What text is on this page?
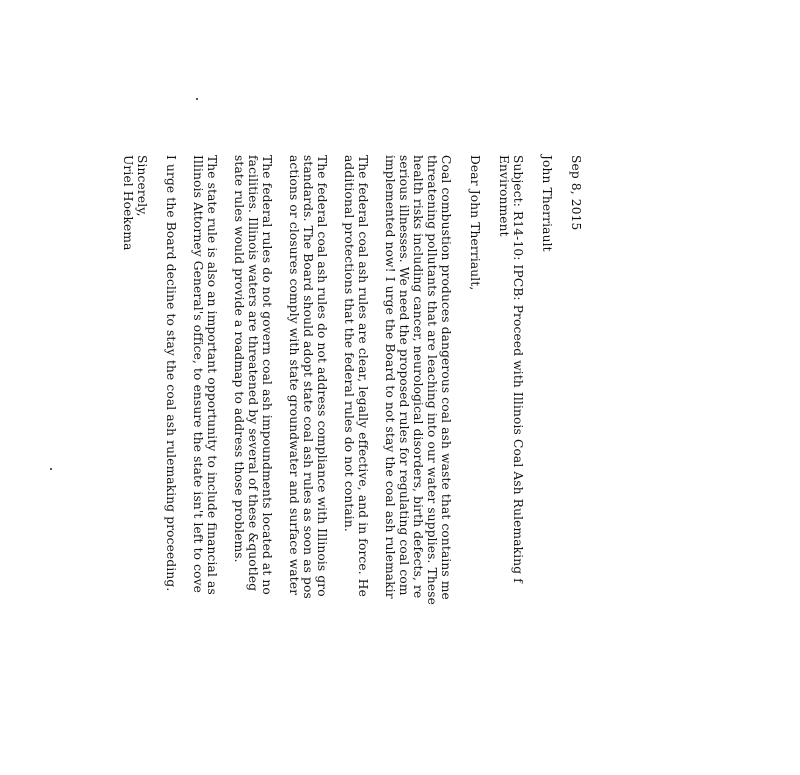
Sep 8, 2015
John Therriault
Subject: R14-10: IPCB: Proceed with Illinois Coal Ash Rulemaking f
Environment
Dear John Therriault,
Coal combustion produces dangerous coal ash waste that contains me
threatening pollutants that are leaching into our water supplies. These
health risks including cancer, neurological disorders, birth defects, re
serious illnesses. We need the proposed rules for regulating coal com
implemented now! I urge the Board to not stay the coal ash rulemakir
The federal coal ash rules are clear, legally effective, and in force. He
additional protections that the federal rules do not contain.
The federal coal ash rules do not address compliance with Illinois gro
standards. The Board should adopt state coal ash rules as soon as pos
actions or closures comply with state groundwater and surface water
The federal rules do not govern coal ash impoundments located at no
facilities. Illinois waters are threatened by several of these &quotleg
state rules would provide a roadmap to address those problems.
The state rule is also an important opportunity to include financial as
Illinois Attorney General's office, to ensure the state isn't left to cove
I urge the Board decline to stay the coal ash rulemaking proceeding.
Sincerely,
Uriel Hoekema
